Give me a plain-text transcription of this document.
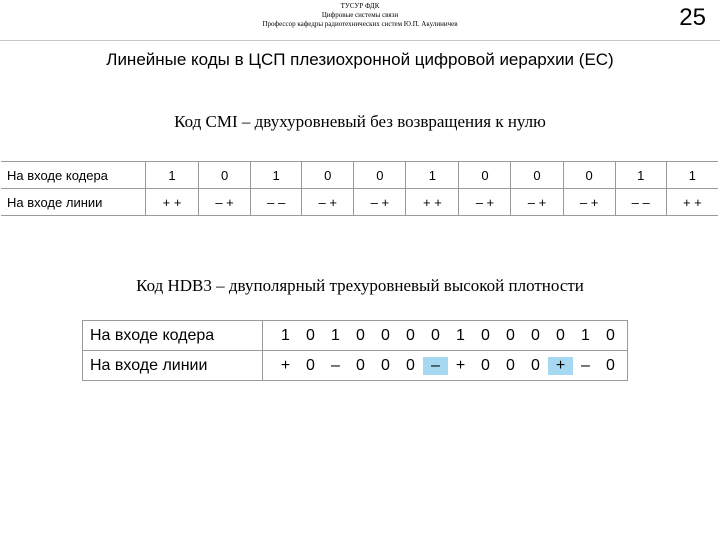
ТУСУР ФДК
Цифровые системы связи
Профессор кафедры радиотехнических систем Ю.П. Акулиничев	25
Линейные коды в ЦСП плезиохронной цифровой иерархии (ЕС)
Код CMI – двухуровневый без возвращения к нулю
На входе кодера	1	0	1	0	0	1	0	0	0	1	1
На входе линии	+ +	– +	– –	– +	– +	+ +	– +	– +	– +	– –	+ +
Код HDB3 – двуполярный трехуровневый высокой плотности
На входе кодера	1 0 1 0 0 0 0 1 0 0 0 0 1 0
На входе линии	+ 0 – 0 0 0 – + 0 0 0 + – 0
